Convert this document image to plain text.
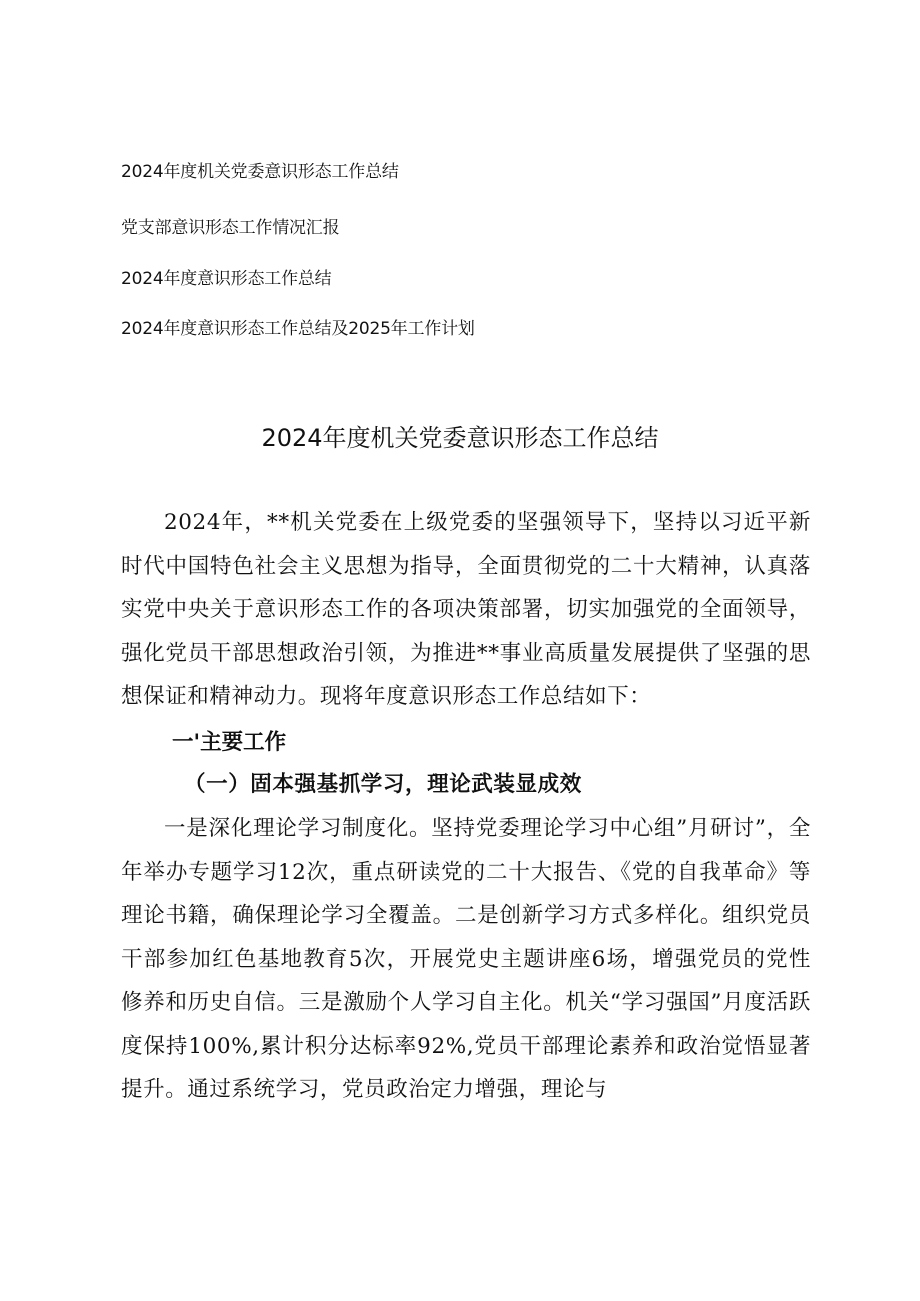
2024年度机关党委意识形态工作总结
党支部意识形态工作情况汇报
2024年度意识形态工作总结
2024年度意识形态工作总结及2025年工作计划
2024年度机关党委意识形态工作总结
2024年，**机关党委在上级党委的坚强领导下，坚持以习近平新时代中国特色社会主义思想为指导，全面贯彻党的二十大精神，认真落实党中央关于意识形态工作的各项决策部署，切实加强党的全面领导，强化党员干部思想政治引领，为推进**事业高质量发展提供了坚强的思想保证和精神动力。现将年度意识形态工作总结如下：
一'主要工作
（一）固本强基抓学习，理论武装显成效
一是深化理论学习制度化。坚持党委理论学习中心组”月研讨”，全年举办专题学习12次，重点研读党的二十大报告、《党的自我革命》等理论书籍，确保理论学习全覆盖。二是创新学习方式多样化。组织党员干部参加红色基地教育5次，开展党史主题讲座6场，增强党员的党性修养和历史自信。三是激励个人学习自主化。机关“学习强国”月度活跃度保持100%,累计积分达标率92%,党员干部理论素养和政治觉悟显著提升。通过系统学习，党员政治定力增强，理论与
